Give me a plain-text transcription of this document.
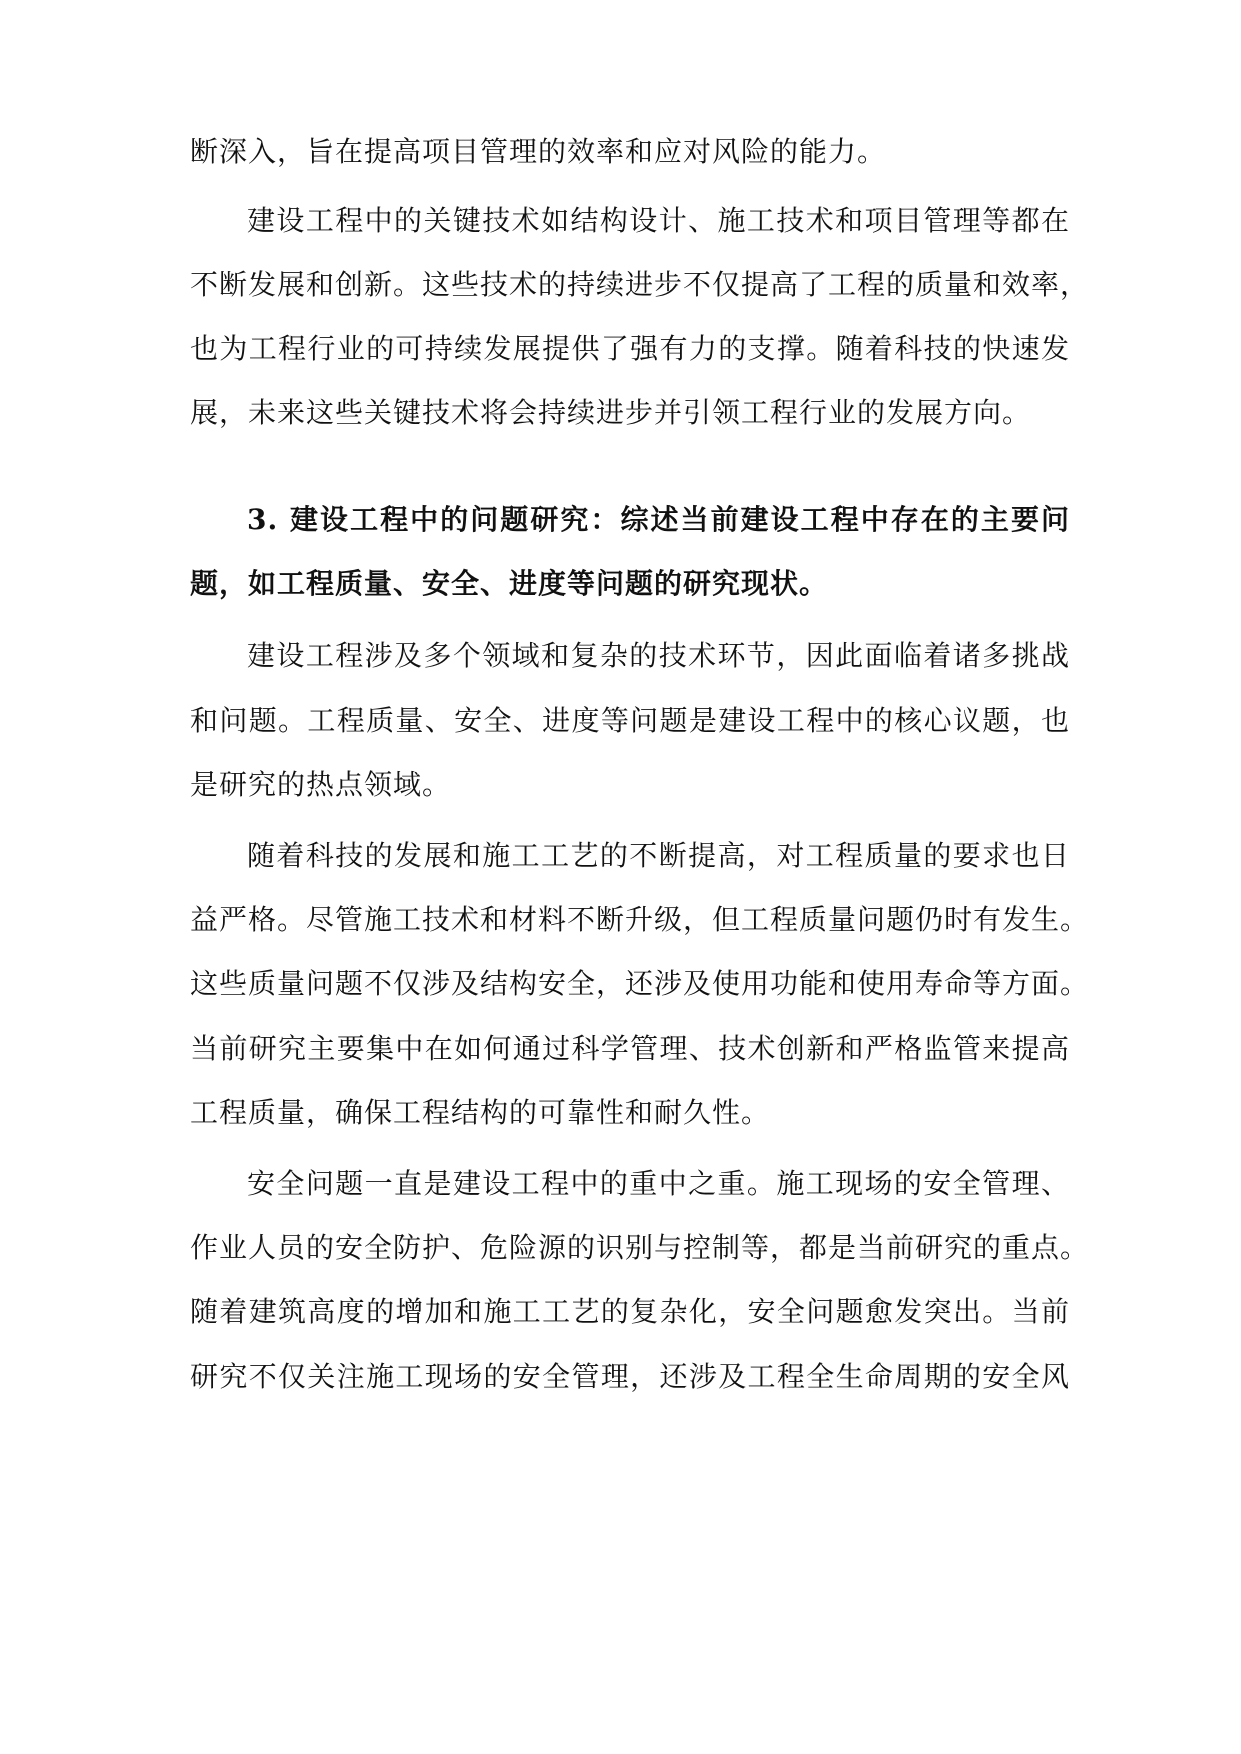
断深入，旨在提高项目管理的效率和应对风险的能力。
建设工程中的关键技术如结构设计、施工技术和项目管理等都在
不断发展和创新。这些技术的持续进步不仅提高了工程的质量和效率，
也为工程行业的可持续发展提供了强有力的支撑。随着科技的快速发
展，未来这些关键技术将会持续进步并引领工程行业的发展方向。
3. 建设工程中的问题研究：综述当前建设工程中存在的主要问
题，如工程质量、安全、进度等问题的研究现状。
建设工程涉及多个领域和复杂的技术环节，因此面临着诸多挑战
和问题。工程质量、安全、进度等问题是建设工程中的核心议题，也
是研究的热点领域。
随着科技的发展和施工工艺的不断提高，对工程质量的要求也日
益严格。尽管施工技术和材料不断升级，但工程质量问题仍时有发生。
这些质量问题不仅涉及结构安全，还涉及使用功能和使用寿命等方面。
当前研究主要集中在如何通过科学管理、技术创新和严格监管来提高
工程质量，确保工程结构的可靠性和耐久性。
安全问题一直是建设工程中的重中之重。施工现场的安全管理、
作业人员的安全防护、危险源的识别与控制等，都是当前研究的重点。
随着建筑高度的增加和施工工艺的复杂化，安全问题愈发突出。当前
研究不仅关注施工现场的安全管理，还涉及工程全生命周期的安全风
